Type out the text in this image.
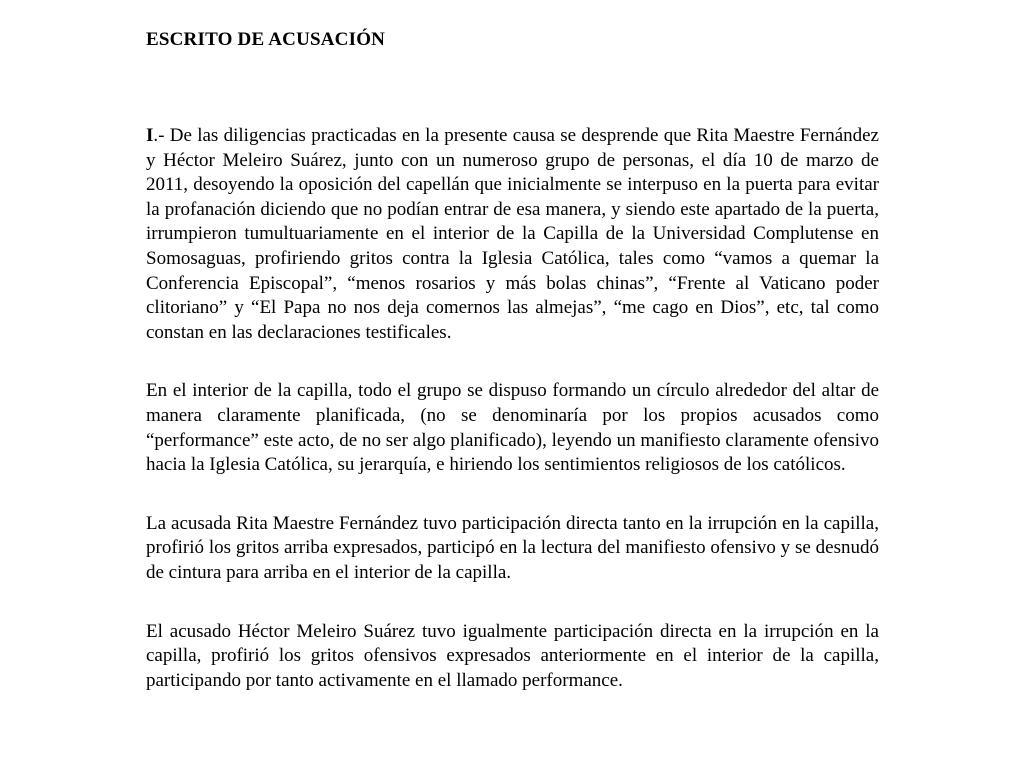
ESCRITO DE ACUSACIÓN

I.- De las diligencias practicadas en la presente causa se desprende que Rita Maestre Fernández y Héctor Meleiro Suárez, junto con un numeroso grupo de personas, el día 10 de marzo de 2011, desoyendo la oposición del capellán que inicialmente se interpuso en la puerta para evitar la profanación diciendo que no podían entrar de esa manera, y siendo este apartado de la puerta, irrumpieron tumultuariamente en el interior de la Capilla de la Universidad Complutense en Somosaguas, profiriendo gritos contra la Iglesia Católica, tales como “vamos a quemar la Conferencia Episcopal”, “menos rosarios y más bolas chinas”, “Frente al Vaticano poder clitoriano” y “El Papa no nos deja comernos las almejas”, “me cago en Dios”, etc, tal como constan en las declaraciones testificales.

En el interior de la capilla, todo el grupo se dispuso formando un círculo alrededor del altar de manera claramente planificada, (no se denominaría por los propios acusados como “performance” este acto, de no ser algo planificado), leyendo un manifiesto claramente ofensivo hacia la Iglesia Católica, su jerarquía, e hiriendo los sentimientos religiosos de los católicos.

La acusada Rita Maestre Fernández tuvo participación directa tanto en la irrupción en la capilla, profirió los gritos arriba expresados, participó en la lectura del manifiesto ofensivo y se desnudó de cintura para arriba en el interior de la capilla.

El acusado Héctor Meleiro Suárez tuvo igualmente participación directa en la irrupción en la capilla, profirió los gritos ofensivos expresados anteriormente en el interior de la capilla, participando por tanto activamente en el llamado performance.
